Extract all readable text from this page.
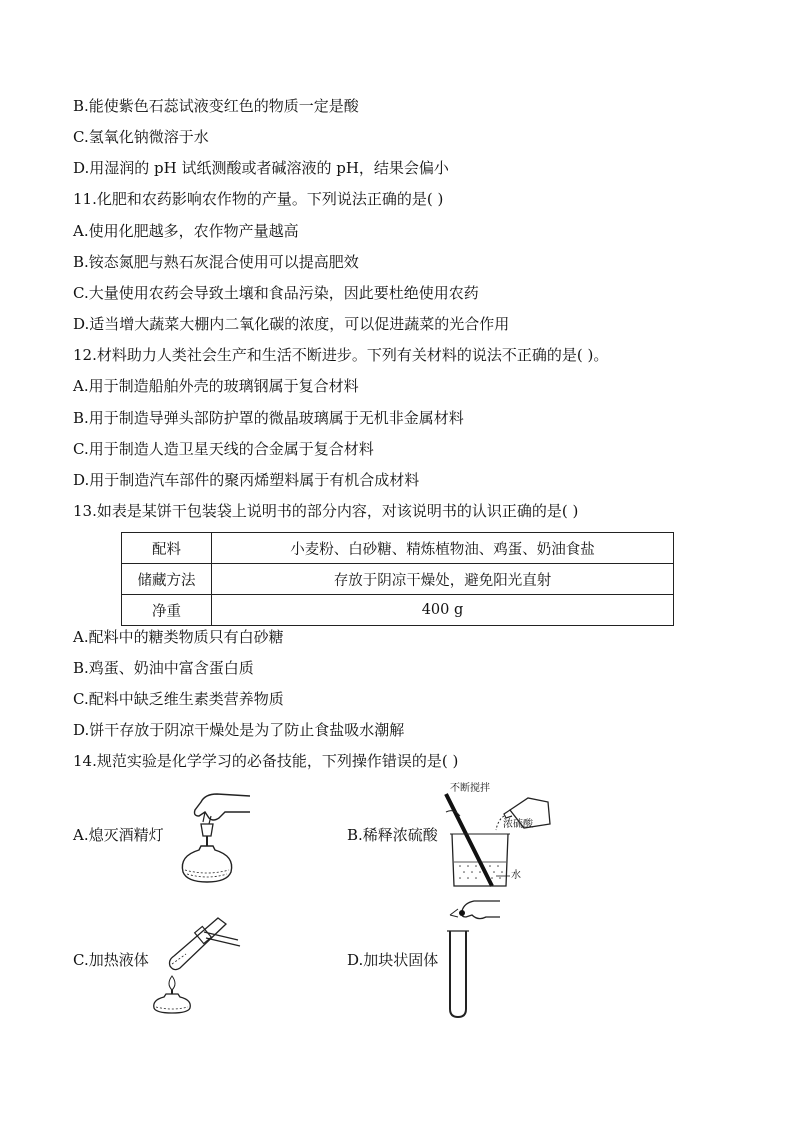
B.能使紫色石蕊试液变红色的物质一定是酸
C.氢氧化钠微溶于水
D.用湿润的 pH 试纸测酸或者碱溶液的 pH，结果会偏小
11.化肥和农药影响农作物的产量。下列说法正确的是( )
A.使用化肥越多，农作物产量越高
B.铵态氮肥与熟石灰混合使用可以提高肥效
C.大量使用农药会导致土壤和食品污染，因此要杜绝使用农药
D.适当增大蔬菜大棚内二氧化碳的浓度，可以促进蔬菜的光合作用
12.材料助力人类社会生产和生活不断进步。下列有关材料的说法不正确的是( )。
A.用于制造船舶外壳的玻璃钢属于复合材料
B.用于制造导弹头部防护罩的微晶玻璃属于无机非金属材料
C.用于制造人造卫星天线的合金属于复合材料
D.用于制造汽车部件的聚丙烯塑料属于有机合成材料
13.如表是某饼干包装袋上说明书的部分内容，对该说明书的认识正确的是( )
配料	小麦粉、白砂糖、精炼植物油、鸡蛋、奶油食盐
储藏方法	存放于阴凉干燥处，避免阳光直射
净重	400 g
A.配料中的糖类物质只有白砂糖
B.鸡蛋、奶油中富含蛋白质
C.配料中缺乏维生素类营养物质
D.饼干存放于阴凉干燥处是为了防止食盐吸水潮解
14.规范实验是化学学习的必备技能，下列操作错误的是( )
A.熄灭酒精灯	B.稀释浓硫酸
不断搅拌
浓硫酸
水
C.加热液体	D.加块状固体
